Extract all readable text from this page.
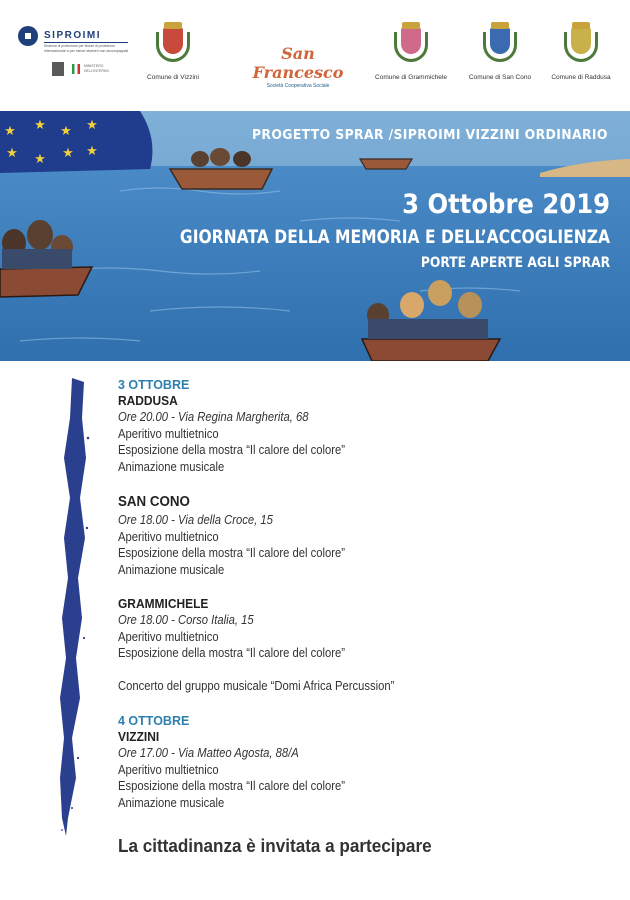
SIPROIMI
Sistema di protezione per titolari di protezione internazionale e per minori stranieri non accompagnati
MINISTERO DELL'INTERNO
Comune di Vizzini
San Francesco
Società Cooperativa Sociale
Comune di Grammichele	Comune di San Cono	Comune di Raddusa
★ ★ ★
★ ★ ★
★
★
PROGETTO SPRAR /SIPROIMI VIZZINI ORDINARIO
3 Ottobre 2019
GIORNATA DELLA MEMORIA E DELL’ACCOGLIENZA
PORTE APERTE AGLI SPRAR
3 OTTOBRE
RADDUSA
Ore 20.00 - Via Regina Margherita, 68
Aperitivo multietnico
Esposizione della mostra “Il calore del colore”
Animazione musicale
SAN CONO
Ore 18.00 - Via della Croce, 15
Aperitivo multietnico
Esposizione della mostra “Il calore del colore”
Animazione musicale
GRAMMICHELE
Ore 18.00 - Corso Italia, 15
Aperitivo multietnico
Esposizione della mostra “Il calore del colore”
Concerto del gruppo musicale “Domi Africa Percussion”
4 OTTOBRE
VIZZINI
Ore 17.00 - Via Matteo Agosta, 88/A
Aperitivo multietnico
Esposizione della mostra “Il calore del colore”
Animazione musicale
La cittadinanza è invitata a partecipare
